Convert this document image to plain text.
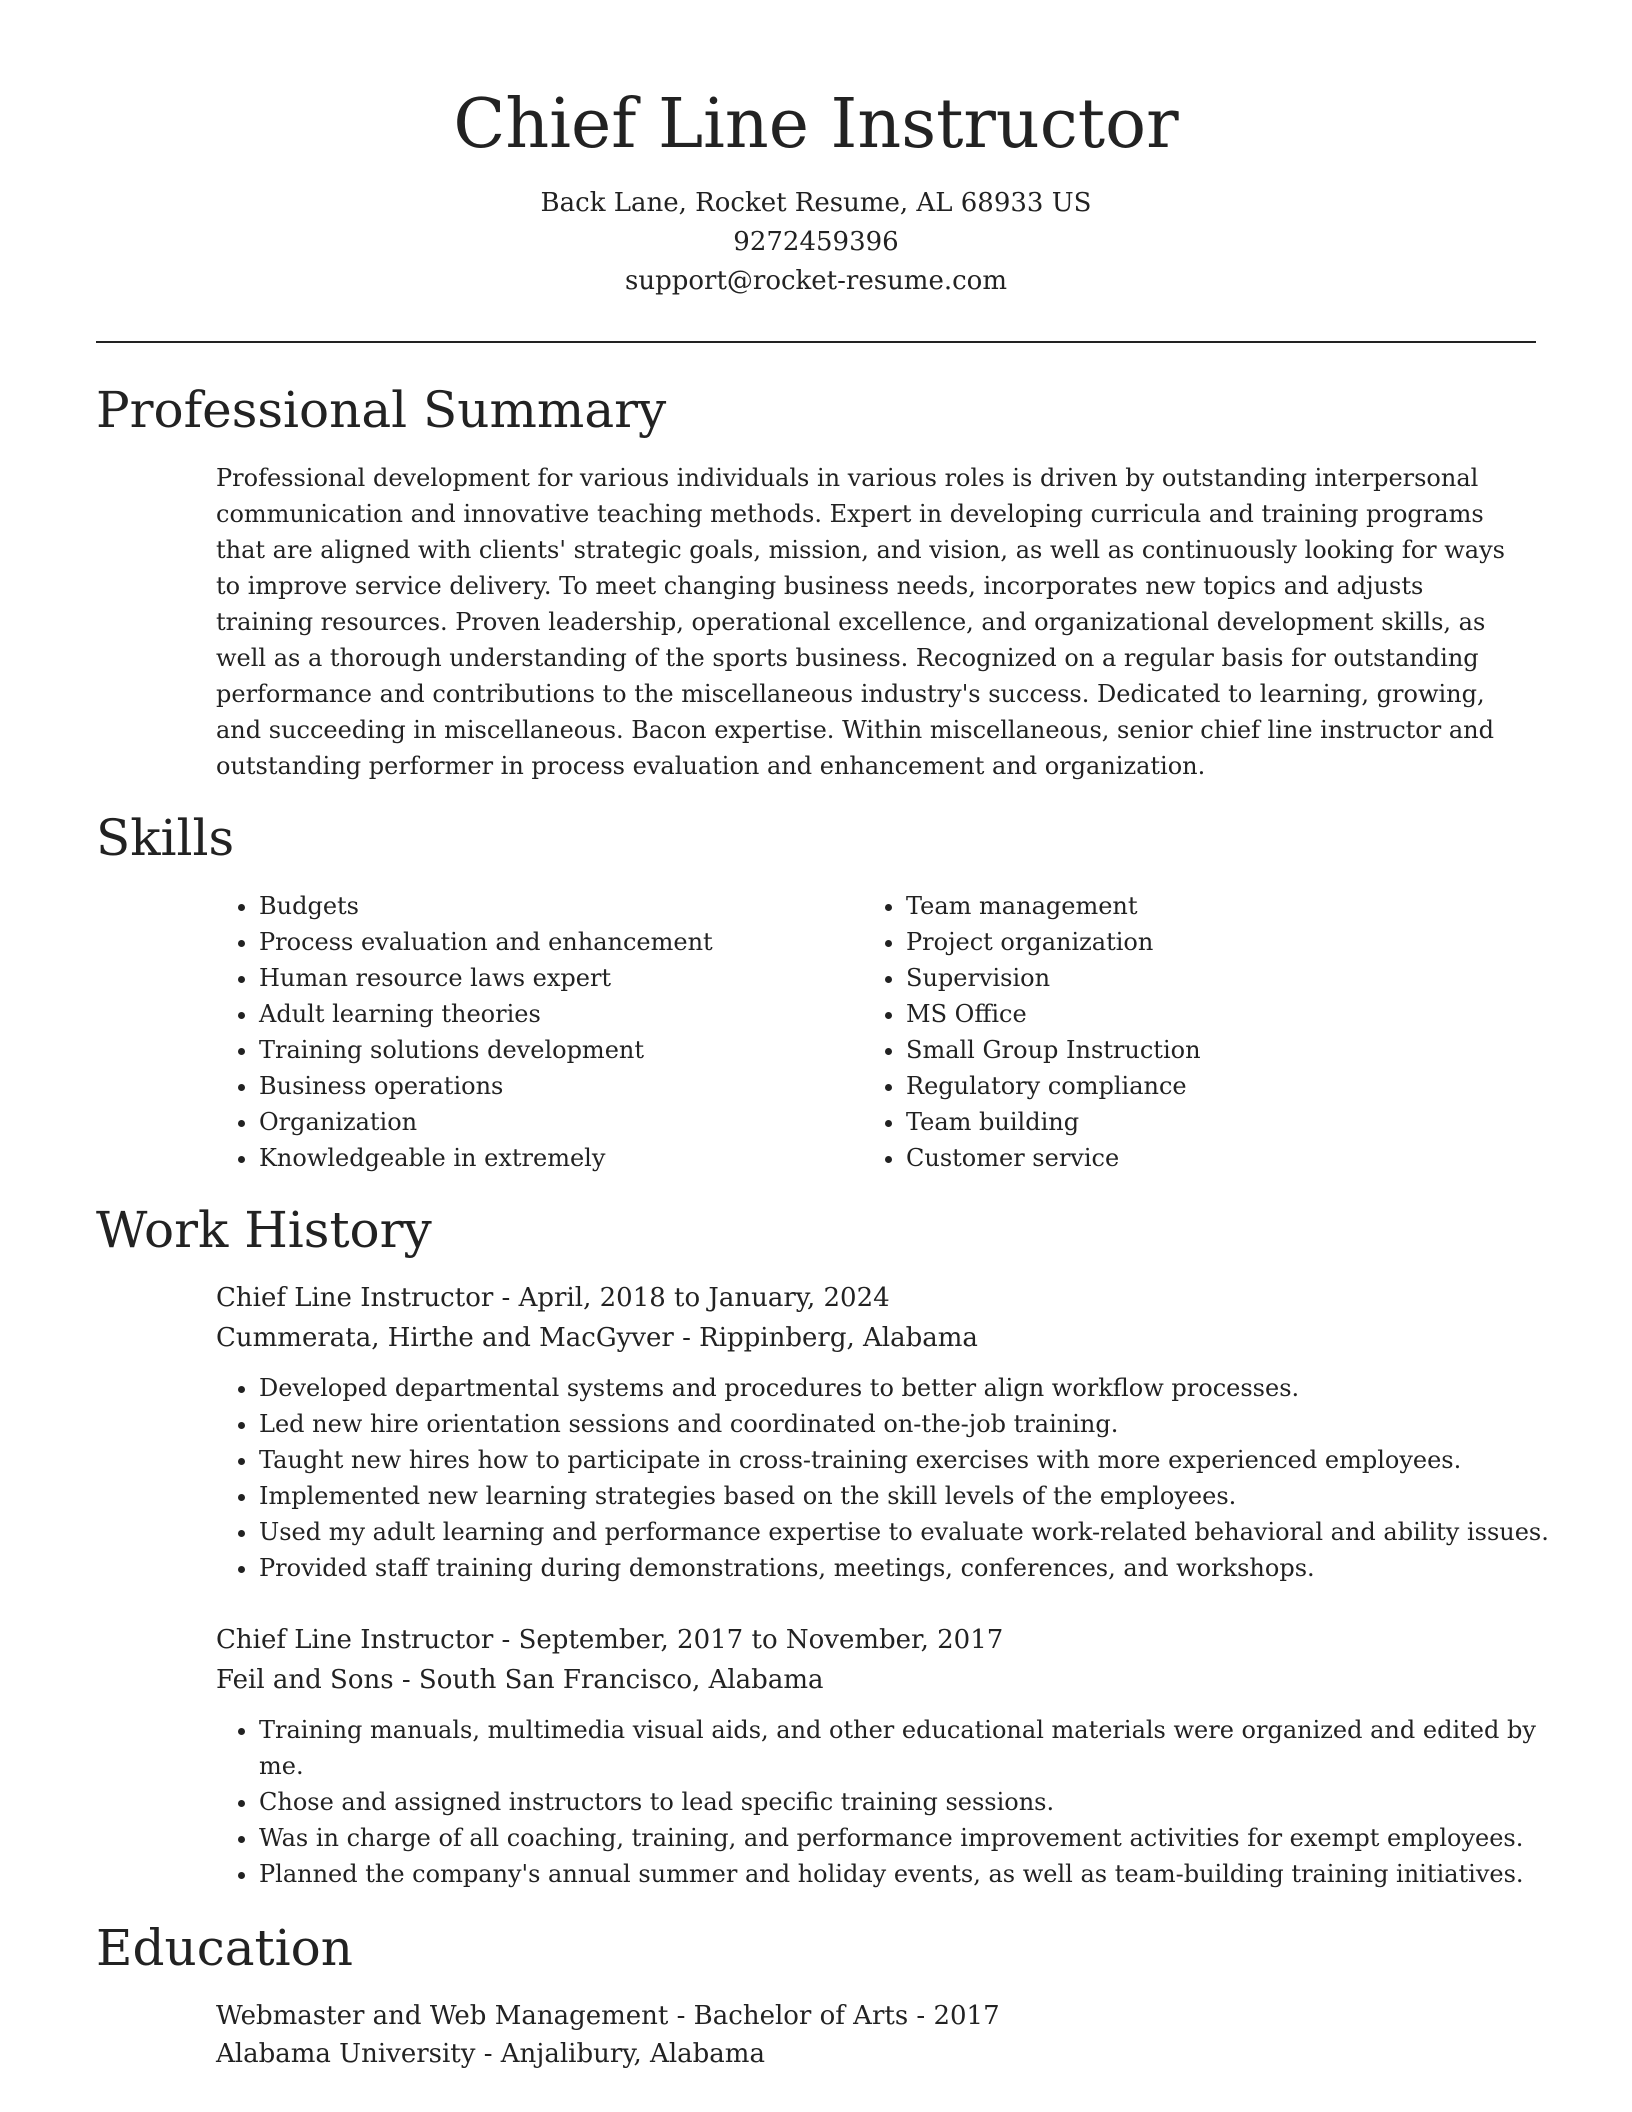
Chief Line Instructor

Back Lane, Rocket Resume, AL 68933 US

9272459396

support@rocket-resume.com

Professional Summary

Professional development for various individuals in various roles is driven by outstanding interpersonal communication and innovative teaching methods. Expert in developing curricula and training programs that are aligned with clients' strategic goals, mission, and vision, as well as continuously looking for ways to improve service delivery. To meet changing business needs, incorporates new topics and adjusts training resources. Proven leadership, operational excellence, and organizational development skills, as well as a thorough understanding of the sports business. Recognized on a regular basis for outstanding performance and contributions to the miscellaneous industry's success. Dedicated to learning, growing, and succeeding in miscellaneous. Bacon expertise. Within miscellaneous, senior chief line instructor and outstanding performer in process evaluation and enhancement and organization.

Skills
• Budgets
• Process evaluation and enhancement
• Human resource laws expert
• Adult learning theories
• Training solutions development
• Business operations
• Organization
• Knowledgeable in extremely
• Team management
• Project organization
• Supervision
• MS Office
• Small Group Instruction
• Regulatory compliance
• Team building
• Customer service
Work History

Chief Line Instructor - April, 2018 to January, 2024

Cummerata, Hirthe and MacGyver - Rippinberg, Alabama

• Developed departmental systems and procedures to better align workflow processes.
• Led new hire orientation sessions and coordinated on-the-job training.
• Taught new hires how to participate in cross-training exercises with more experienced employees.
• Implemented new learning strategies based on the skill levels of the employees.
• Used my adult learning and performance expertise to evaluate work-related behavioral and ability issues.
• Provided staff training during demonstrations, meetings, conferences, and workshops.

Chief Line Instructor - September, 2017 to November, 2017

Feil and Sons - South San Francisco, Alabama

• Training manuals, multimedia visual aids, and other educational materials were organized and edited by me.
• Chose and assigned instructors to lead specific training sessions.
• Was in charge of all coaching, training, and performance improvement activities for exempt employees.
• Planned the company's annual summer and holiday events, as well as team-building training initiatives.
Education

Webmaster and Web Management - Bachelor of Arts - 2017

Alabama University - Anjalibury, Alabama
